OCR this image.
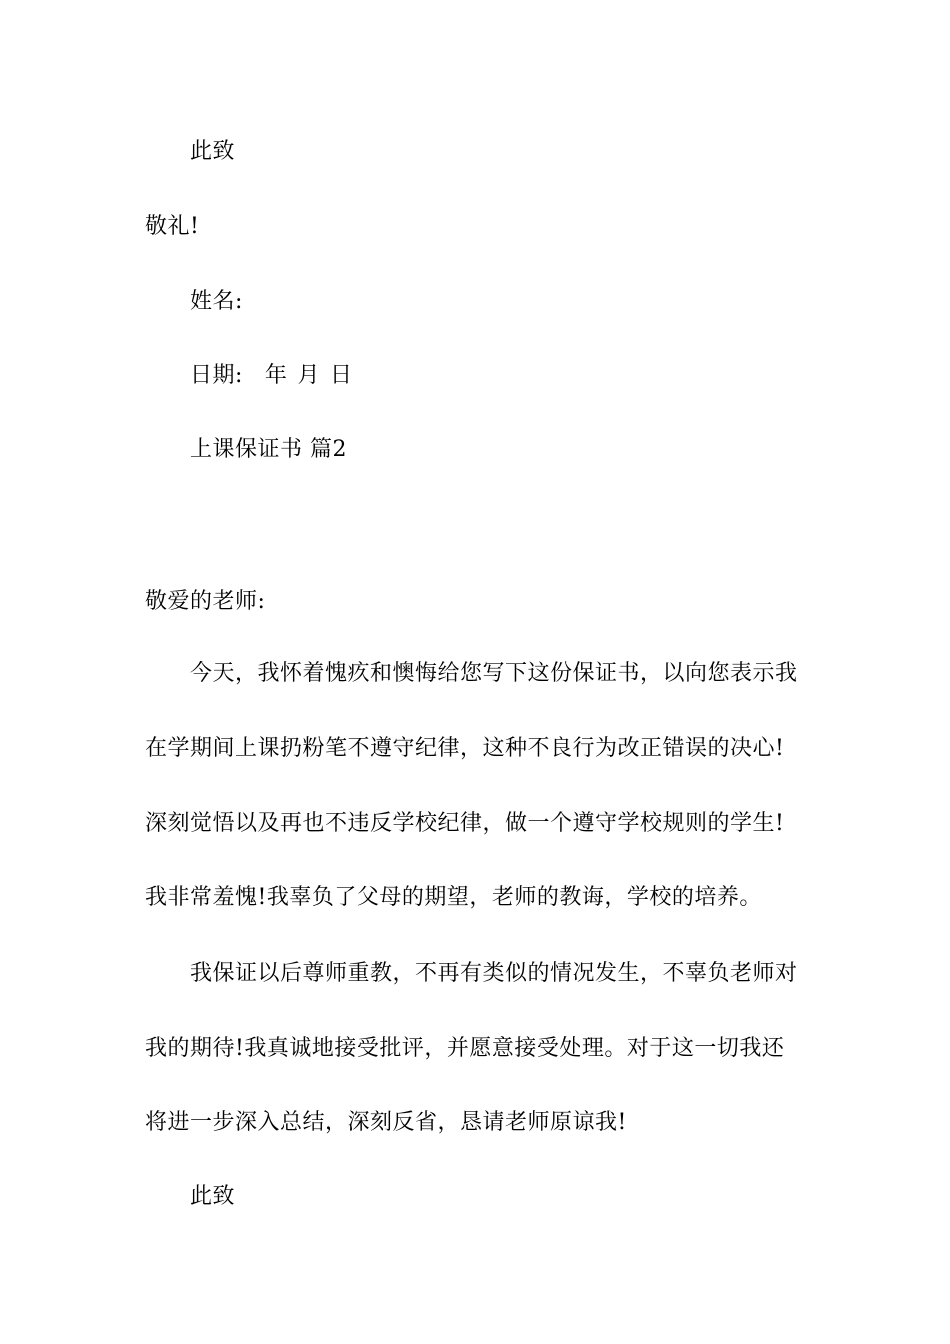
此致
敬礼!
姓名:
日期: 年 月 日
上课保证书 篇2
敬爱的老师:
今天，我怀着愧疚和懊悔给您写下这份保证书，以向您表示我
在学期间上课扔粉笔不遵守纪律，这种不良行为改正错误的决心!
深刻觉悟以及再也不违反学校纪律，做一个遵守学校规则的学生!
我非常羞愧!我辜负了父母的期望，老师的教诲，学校的培养。
我保证以后尊师重教，不再有类似的情况发生，不辜负老师对
我的期待!我真诚地接受批评，并愿意接受处理。对于这一切我还
将进一步深入总结，深刻反省，恳请老师原谅我!
此致
